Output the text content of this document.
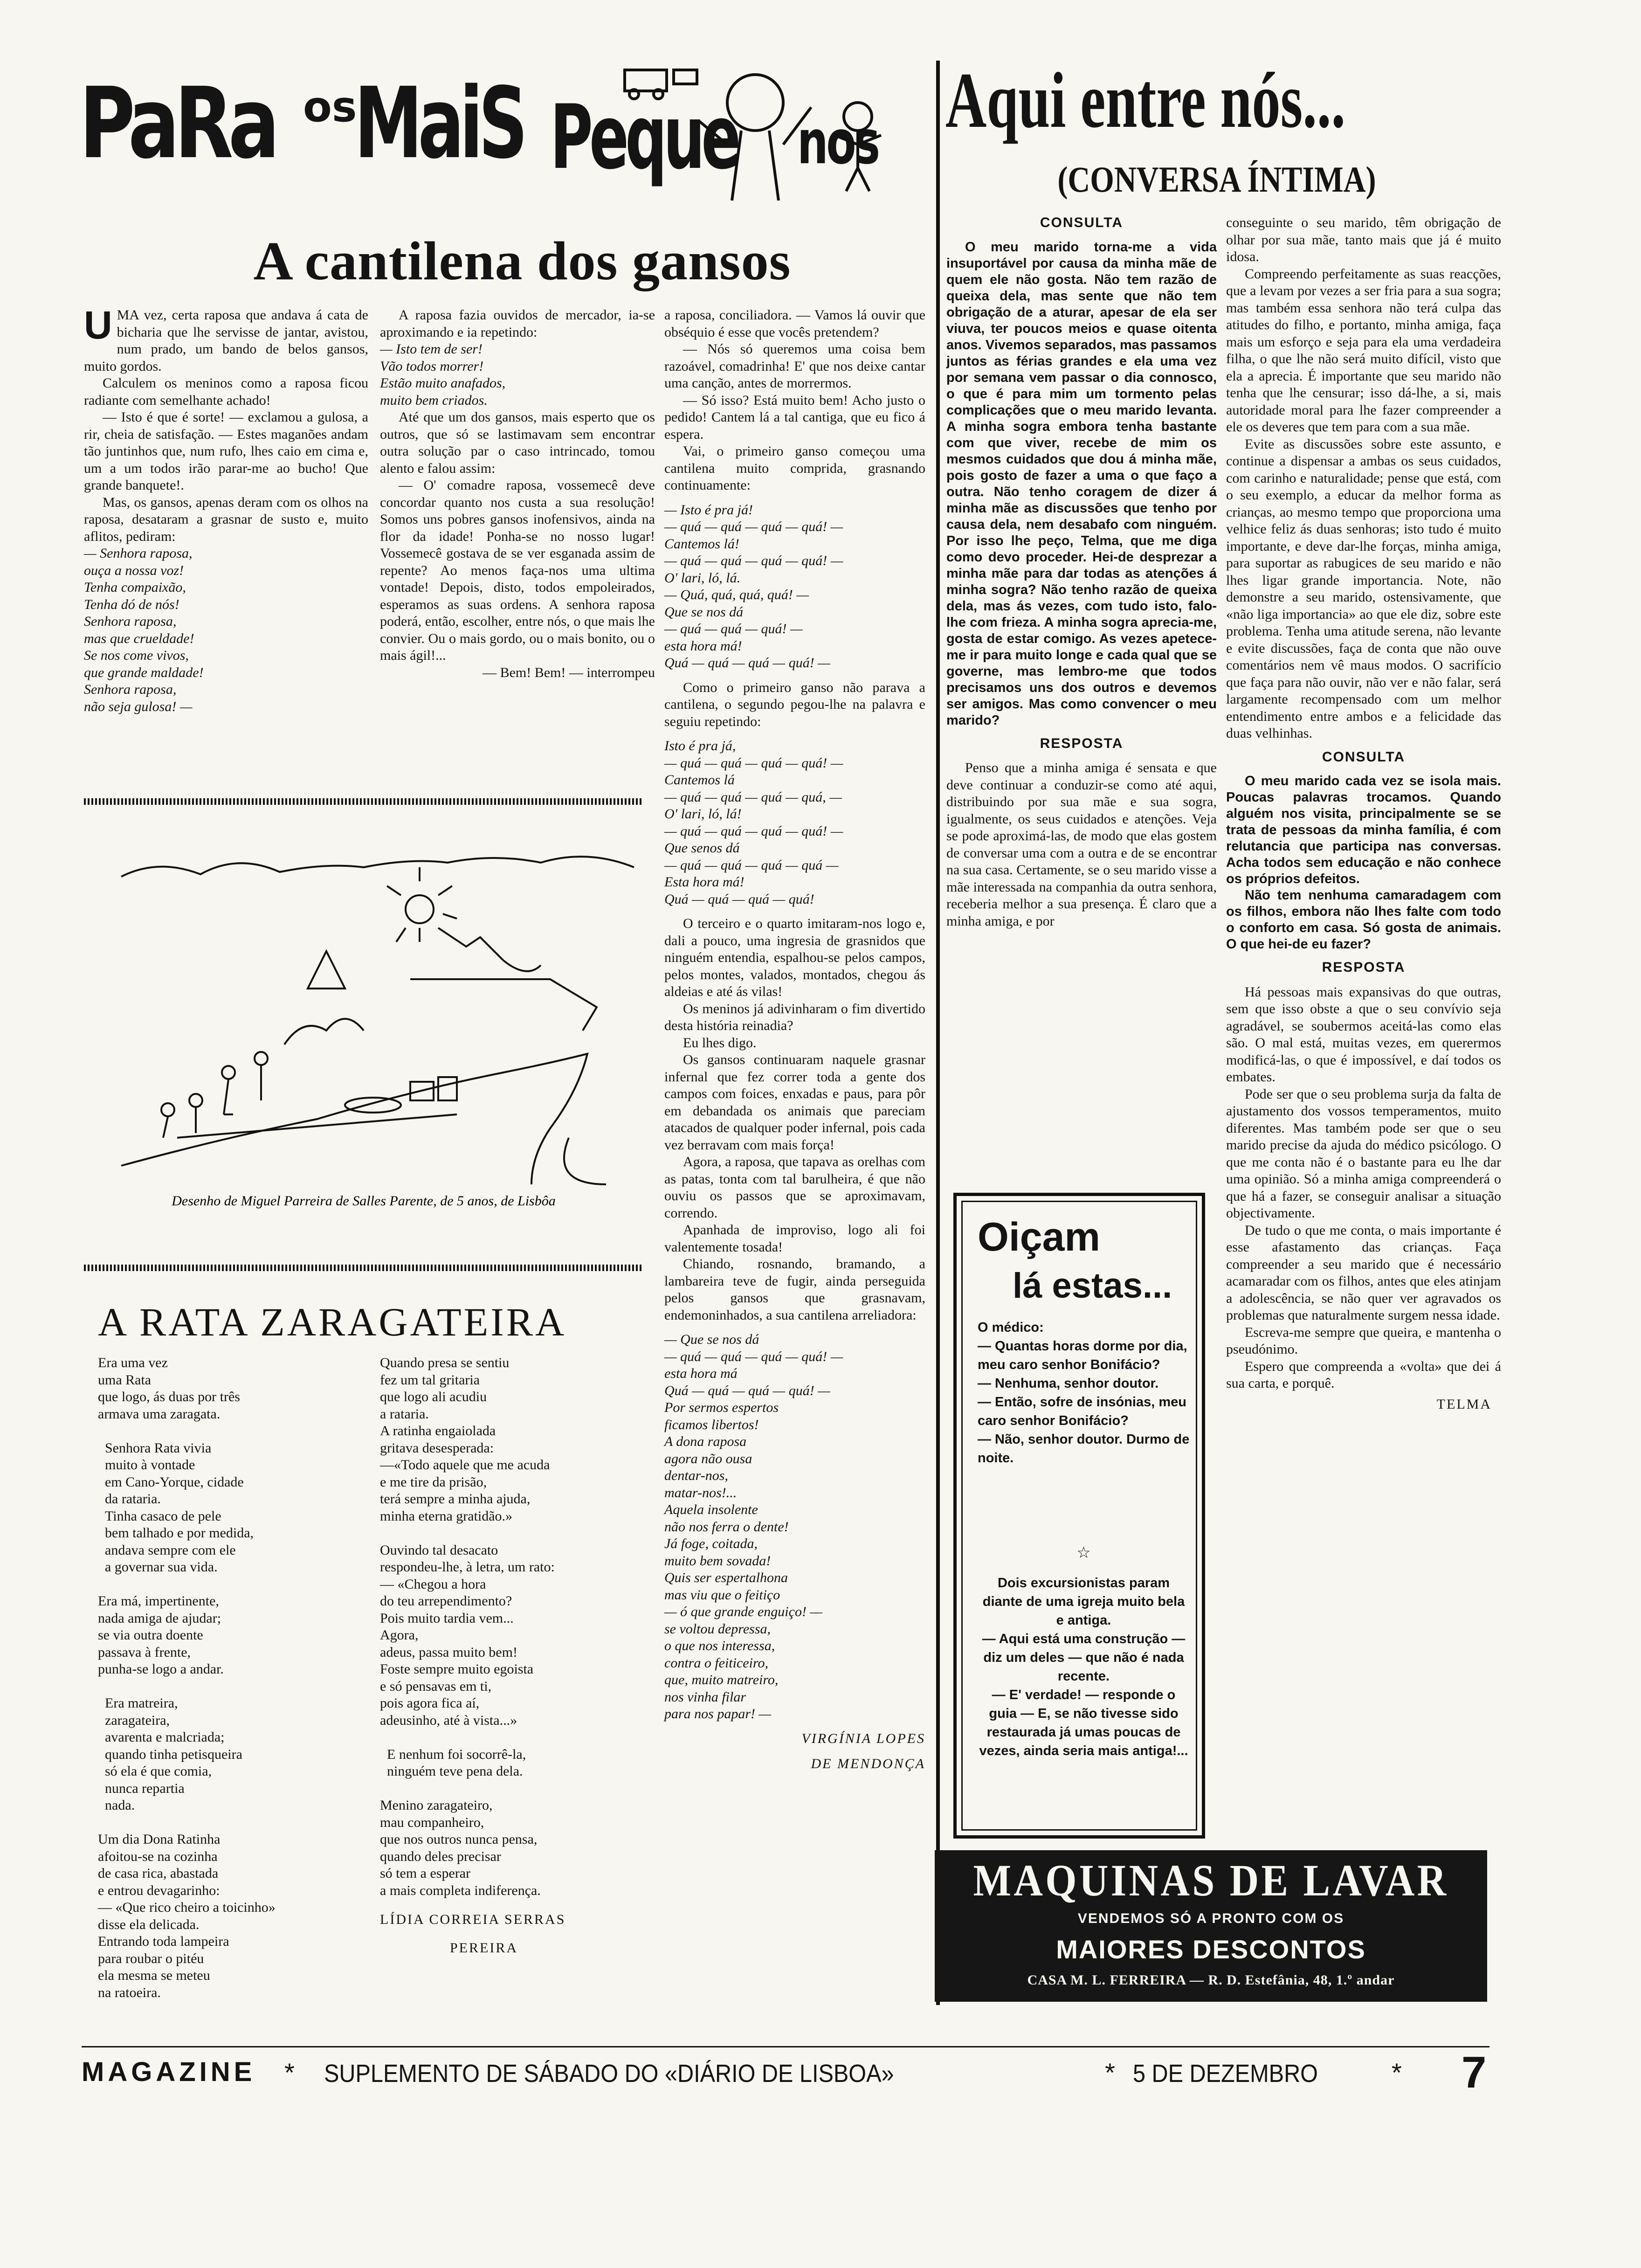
PaRa os
MaiS Peque nos
A cantilena dos gansos

UMA vez, certa raposa que andava á cata de bicharia que lhe servisse de jantar, avistou, num prado, um bando de belos gansos, muito gordos.

Calculem os meninos como a raposa ficou radiante com semelhante achado!

— Isto é que é sorte! — exclamou a gulosa, a rir, cheia de satisfação. — Estes maganões andam tão juntinhos que, num rufo, lhes caio em cima e, um a um todos irão parar-me ao bucho! Que grande banquete!.

Mas, os gansos, apenas deram com os olhos na raposa, desataram a grasnar de susto e, muito aflitos, pediram:

— Senhora raposa,
ouça a nossa voz!
Tenha compaixão,
Tenha dó de nós!
Senhora raposa,
mas que crueldade!
Se nos come vivos,
que grande maldade!
Senhora raposa,
não seja gulosa! —

A raposa fazia ouvidos de mercador, ia-se aproximando e ia repetindo:

— Isto tem de ser!
Vão todos morrer!
Estão muito anafados,
muito bem criados.

Até que um dos gansos, mais esperto que os outros, que só se lastimavam sem encontrar outra solução par o caso intrincado, tomou alento e falou assim:

— O' comadre raposa, vossemecê deve concordar quanto nos custa a sua resolução! Somos uns pobres gansos inofensivos, ainda na flor da idade! Ponha-se no nosso lugar! Vossemecê gostava de se ver esganada assim de repente? Ao menos faça-nos uma ultima vontade! Depois, disto, todos empoleirados, esperamos as suas ordens. A senhora raposa poderá, então, escolher, entre nós, o que mais lhe convier. Ou o mais gordo, ou o mais bonito, ou o mais ágil!...

— Bem! Bem! — interrompeu

Desenho de Miguel Parreira de Salles Parente, de 5 anos, de Lisbôa

a raposa, conciliadora. — Vamos lá ouvir que obséquio é esse que vocês pretendem?

— Nós só queremos uma coisa bem razoável, comadrinha! E' que nos deixe cantar uma canção, antes de morrermos.

— Só isso? Está muito bem! Acho justo o pedido! Cantem lá a tal cantiga, que eu fico á espera.

Vai, o primeiro ganso começou uma cantilena muito comprida, grasnando continuamente:

— Isto é pra já!
— quá — quá — quá — quá! —
Cantemos lá!
— quá — quá — quá — quá! —
O' lari, ló, lá.
— Quá, quá, quá, quá! —
Que se nos dá
— quá — quá — quá! —
esta hora má!
Quá — quá — quá — quá! —

Como o primeiro ganso não parava a cantilena, o segundo pegou-lhe na palavra e seguiu repetindo:

Isto é pra já,
— quá — quá — quá — quá! —
Cantemos lá
— quá — quá — quá — quá, —
O' lari, ló, lá!
— quá — quá — quá — quá! —
Que senos dá
— quá — quá — quá — quá —
Esta hora má!
Quá — quá — quá — quá!

O terceiro e o quarto imitaram-nos logo e, dali a pouco, uma ingresia de grasnidos que ninguém entendia, espalhou-se pelos campos, pelos montes, valados, montados, chegou ás aldeias e até ás vilas!

Os meninos já adivinharam o fim divertido desta história reinadia?

Eu lhes digo.

Os gansos continuaram naquele grasnar infernal que fez correr toda a gente dos campos com foices, enxadas e paus, para pôr em debandada os animais que pareciam atacados de qualquer poder infernal, pois cada vez berravam com mais força!

Agora, a raposa, que tapava as orelhas com as patas, tonta com tal barulheira, é que não ouviu os passos que se aproximavam, correndo.

Apanhada de improviso, logo ali foi valentemente tosada!

Chiando, rosnando, bramando, a lambareira teve de fugir, ainda perseguida pelos gansos que grasnavam, endemoninhados, a sua cantilena arreliadora:

— Que se nos dá
— quá — quá — quá — quá! —
esta hora má
Quá — quá — quá — quá! —
Por sermos espertos
ficamos libertos!
A dona raposa
agora não ousa
dentar-nos,
matar-nos!...
Aquela insolente
não nos ferra o dente!
Já foge, coitada,
muito bem sovada!
Quis ser espertalhona
mas viu que o feitiço
— ó que grande enguiço! —
se voltou depressa,
o que nos interessa,
contra o feiticeiro,
que, muito matreiro,
nos vinha filar
para nos papar! —

VIRGÍNIA LOPES

DE MENDONÇA

A RATA ZARAGATEIRA

Era uma vez
uma Rata
que logo, ás duas por três
armava uma zaragata.

Senhora Rata vivia
muito à vontade
em Cano-Yorque, cidade
da rataria.
Tinha casaco de pele
bem talhado e por medida,
andava sempre com ele
a governar sua vida.

Era má, impertinente,
nada amiga de ajudar;
se via outra doente
passava à frente,
punha-se logo a andar.

Era matreira,
zaragateira,
avarenta e malcriada;
quando tinha petisqueira
só ela é que comia,
nunca repartia
nada.

Um dia Dona Ratinha
afoitou-se na cozinha
de casa rica, abastada
e entrou devagarinho:
— «Que rico cheiro a toicinho»
disse ela delicada.
Entrando toda lampeira
para roubar o pitéu
ela mesma se meteu
na ratoeira.

Quando presa se sentiu
fez um tal gritaria
que logo ali acudiu
a rataria.
A ratinha engaiolada
gritava desesperada:
—«Todo aquele que me acuda
e me tire da prisão,
terá sempre a minha ajuda,
minha eterna gratidão.»

Ouvindo tal desacato
respondeu-lhe, à letra, um rato:
— «Chegou a hora
do teu arrependimento?
Pois muito tardia vem...
Agora,
adeus, passa muito bem!
Foste sempre muito egoista
e só pensavas em ti,
pois agora fica aí,
adeusinho, até à vista...»

E nenhum foi socorrê-la,
ninguém teve pena dela.

Menino zaragateiro,
mau companheiro,
que nos outros nunca pensa,
quando deles precisar
só tem a esperar
a mais completa indiferença.

LÍDIA CORREIA SERRAS

PEREIRA

Aqui entre nós...
(CONVERSA ÍNTIMA)
CONSULTA

O meu marido torna-me a vida insuportável por causa da minha mãe de quem ele não gosta. Não tem razão de queixa dela, mas sente que não tem obrigação de a aturar, apesar de ela ser viuva, ter poucos meios e quase oitenta anos. Vivemos separados, mas passamos juntos as férias grandes e ela uma vez por semana vem passar o dia connosco, o que é para mim um tormento pelas complicações que o meu marido levanta. A minha sogra embora tenha bastante com que viver, recebe de mim os mesmos cuidados que dou á minha mãe, pois gosto de fazer a uma o que faço a outra. Não tenho coragem de dizer á minha mãe as discussões que tenho por causa dela, nem desabafo com ninguém. Por isso lhe peço, Telma, que me diga como devo proceder. Hei-de desprezar a minha mãe para dar todas as atenções á minha sogra? Não tenho razão de queixa dela, mas ás vezes, com tudo isto, falo-lhe com frieza. A minha sogra aprecia-me, gosta de estar comigo. As vezes apetece-me ir para muito longe e cada qual que se governe, mas lembro-me que todos precisamos uns dos outros e devemos ser amigos. Mas como convencer o meu marido?

RESPOSTA

Penso que a minha amiga é sensata e que deve continuar a conduzir-se como até aqui, distribuindo por sua mãe e sua sogra, igualmente, os seus cuidados e atenções. Veja se pode aproximá-las, de modo que elas gostem de conversar uma com a outra e de se encontrar na sua casa. Certamente, se o seu marido visse a mãe interessada na companhia da outra senhora, receberia melhor a sua presença. É claro que a minha amiga, e por

conseguinte o seu marido, têm obrigação de olhar por sua mãe, tanto mais que já é muito idosa.

Compreendo perfeitamente as suas reacções, que a levam por vezes a ser fria para a sua sogra; mas também essa senhora não terá culpa das atitudes do filho, e portanto, minha amiga, faça mais um esforço e seja para ela uma verdadeira filha, o que lhe não será muito difícil, visto que ela a aprecia. É importante que seu marido não tenha que lhe censurar; isso dá-lhe, a si, mais autoridade moral para lhe fazer compreender a ele os deveres que tem para com a sua mãe.

Evite as discussões sobre este assunto, e continue a dispensar a ambas os seus cuidados, com carinho e naturalidade; pense que está, com o seu exemplo, a educar da melhor forma as crianças, ao mesmo tempo que proporciona uma velhice feliz ás duas senhoras; isto tudo é muito importante, e deve dar-lhe forças, minha amiga, para suportar as rabugices de seu marido e não lhes ligar grande importancia. Note, não demonstre a seu marido, ostensivamente, que «não liga importancia» ao que ele diz, sobre este problema. Tenha uma atitude serena, não levante e evite discussões, faça de conta que não ouve comentários nem vê maus modos. O sacrifício que faça para não ouvir, não ver e não falar, será largamente recompensado com um melhor entendimento entre ambos e a felicidade das duas velhinhas.

CONSULTA

O meu marido cada vez se isola mais. Poucas palavras trocamos. Quando alguém nos visita, principalmente se se trata de pessoas da minha família, é com relutancia que participa nas conversas. Acha todos sem educação e não conhece os próprios defeitos.

Não tem nenhuma camaradagem com os filhos, embora não lhes falte com todo o conforto em casa. Só gosta de animais. O que hei-de eu fazer?

RESPOSTA

Há pessoas mais expansivas do que outras, sem que isso obste a que o seu convívio seja agradável, se soubermos aceitá-las como elas são. O mal está, muitas vezes, em querermos modificá-las, o que é impossível, e daí todos os embates.

Pode ser que o seu problema surja da falta de ajustamento dos vossos temperamentos, muito diferentes. Mas também pode ser que o seu marido precise da ajuda do médico psicólogo. O que me conta não é o bastante para eu lhe dar uma opinião. Só a minha amiga compreenderá o que há a fazer, se conseguir analisar a situação objectivamente.

De tudo o que me conta, o mais importante é esse afastamento das crianças. Faça compreender a seu marido que é necessário acamaradar com os filhos, antes que eles atinjam a adolescência, se não quer ver agravados os problemas que naturalmente surgem nessa idade.

Escreva-me sempre que queira, e mantenha o pseudónimo.

Espero que compreenda a «volta» que dei á sua carta, e porquê.

TELMA

Oiçam
lá estas...
O médico:
— Quantas horas dorme por dia, meu caro senhor Bonifácio?
— Nenhuma, senhor doutor.
— Então, sofre de insónias, meu caro senhor Bonifácio?
— Não, senhor doutor. Durmo de noite.
☆
Dois excursionistas param diante de uma igreja muito bela e antiga.
— Aqui está uma construção — diz um deles — que não é nada recente.
— E' verdade! — responde o guia — E, se não tivesse sido restaurada já umas poucas de vezes, ainda seria mais antiga!...
MAQUINAS DE LAVAR
VENDEMOS SÓ A PRONTO COM OS
MAIORES DESCONTOS
CASA M. L. FERREIRA — R. D. Estefânia, 48, 1.º andar
MAGAZINE * SUPLEMENTO DE SÁBADO DO «DIÁRIO DE LISBOA»	* 5 DE DEZEMBRO	* 7
